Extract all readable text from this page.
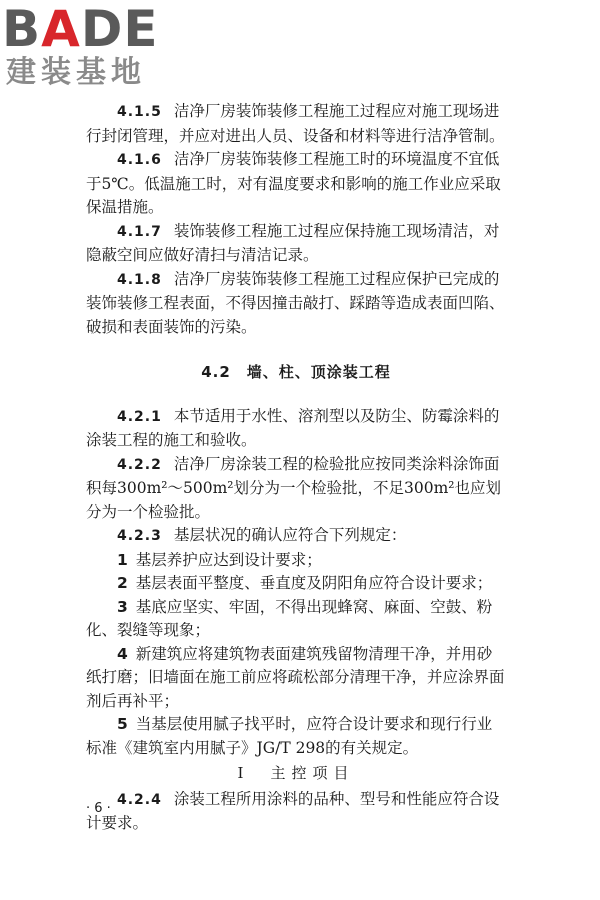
BADE
建装基地

4.1.5 洁净厂房装饰装修工程施工过程应对施工现场进行封闭管理，并应对进出人员、设备和材料等进行洁净管制。

4.1.6 洁净厂房装饰装修工程施工时的环境温度不宜低于5℃。低温施工时，对有温度要求和影响的施工作业应采取保温措施。

4.1.7 装饰装修工程施工过程应保持施工现场清洁，对隐蔽空间应做好清扫与清洁记录。

4.1.8 洁净厂房装饰装修工程施工过程应保护已完成的装饰装修工程表面，不得因撞击敲打、踩踏等造成表面凹陷、破损和表面装饰的污染。

4.2　墙、柱、顶涂装工程

4.2.1 本节适用于水性、溶剂型以及防尘、防霉涂料的涂装工程的施工和验收。

4.2.2 洁净厂房涂装工程的检验批应按同类涂料涂饰面积每300m²～500m²划分为一个检验批，不足300m²也应划分为一个检验批。

4.2.3 基层状况的确认应符合下列规定：

1 基层养护应达到设计要求；

2 基层表面平整度、垂直度及阴阳角应符合设计要求；

3 基底应坚实、牢固，不得出现蜂窝、麻面、空鼓、粉化、裂缝等现象；

4 新建筑应将建筑物表面建筑残留物清理干净，并用砂纸打磨；旧墙面在施工前应将疏松部分清理干净，并应涂界面剂后再补平；

5 当基层使用腻子找平时，应符合设计要求和现行行业标准《建筑室内用腻子》JG/T 298的有关规定。

Ⅰ　主控项目

4.2.4 涂装工程所用涂料的品种、型号和性能应符合设计要求。

· 6 ·
